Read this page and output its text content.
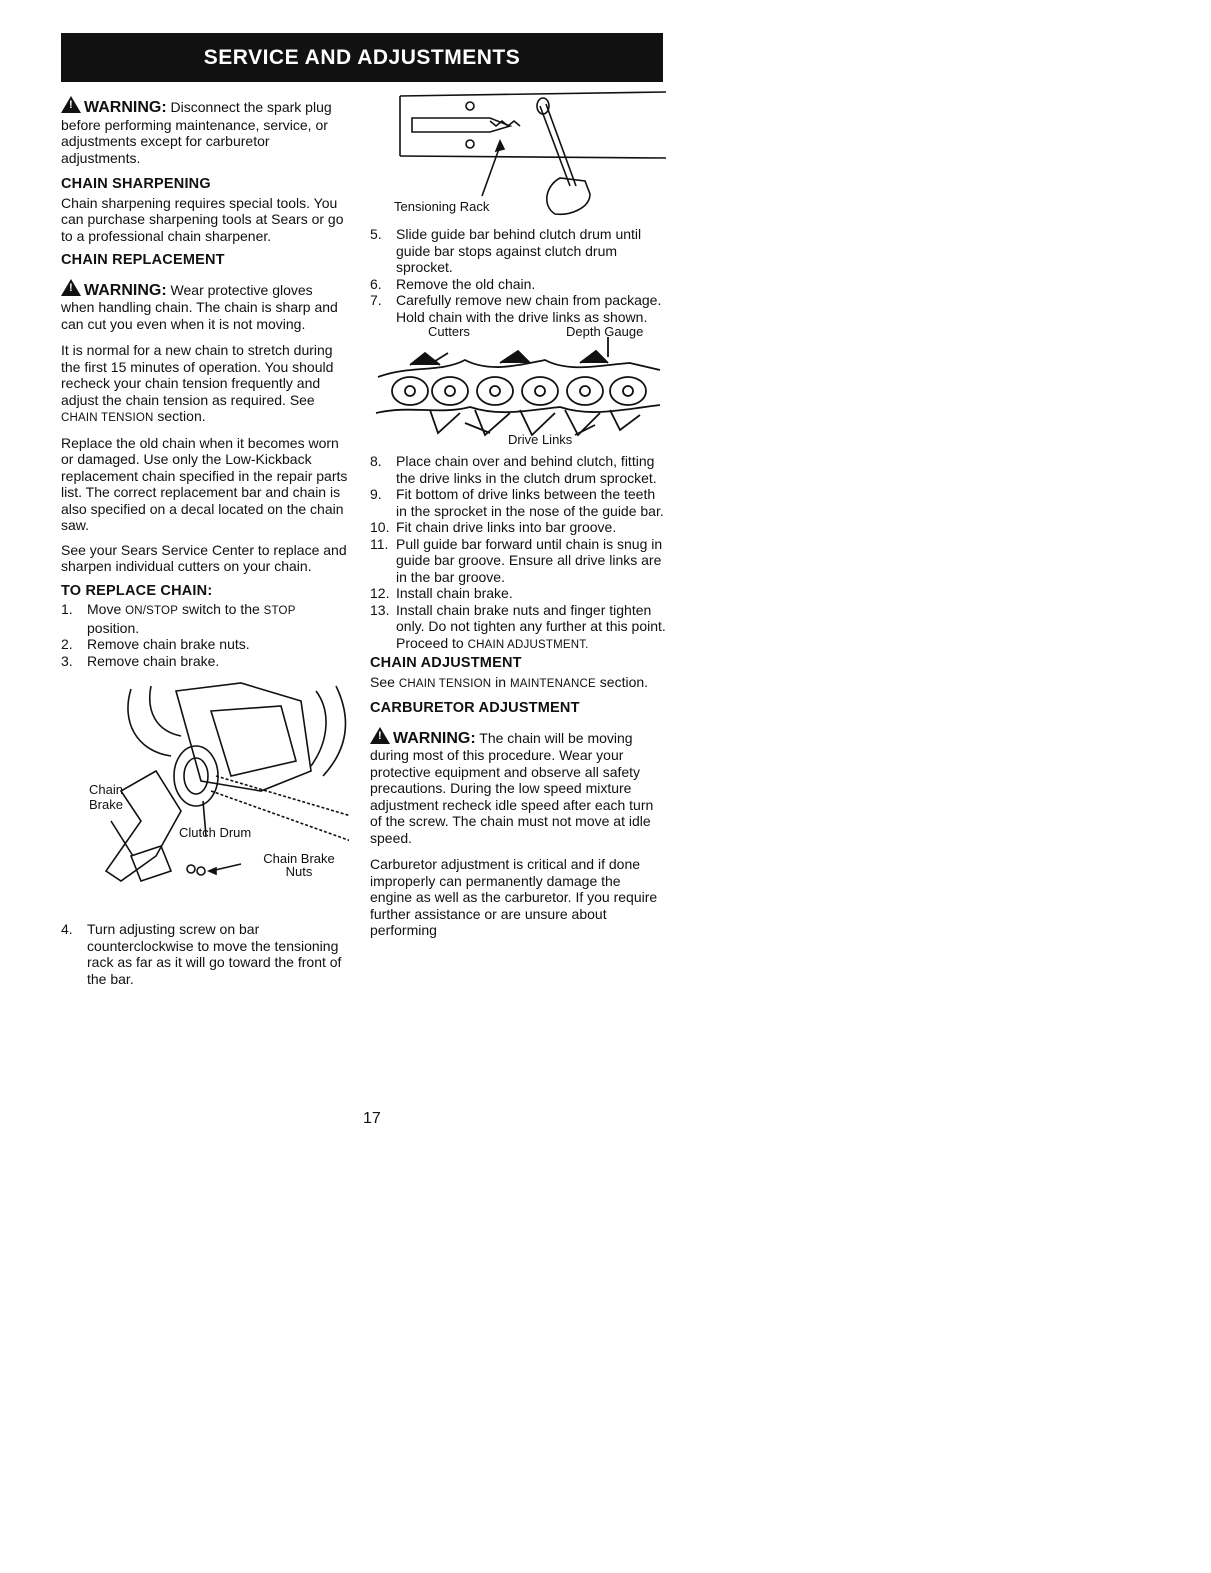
SERVICE AND ADJUSTMENTS

!WARNING: Disconnect the spark plug before performing maintenance, service, or adjustments except for carburetor adjustments.

CHAIN SHARPENING

Chain sharpening requires special tools. You can purchase sharpening tools at Sears or go to a professional chain sharpener.

CHAIN REPLACEMENT

!WARNING: Wear protective gloves when handling chain. The chain is sharp and can cut you even when it is not moving.

It is normal for a new chain to stretch during the first 15 minutes of operation. You should recheck your chain tension frequently and adjust the chain tension as required. See CHAIN TENSION section.

Replace the old chain when it becomes worn or damaged. Use only the Low-Kickback replacement chain specified in the repair parts list. The correct replacement bar and chain is also specified on a decal located on the chain saw.

See your Sears Service Center to replace and sharpen individual cutters on your chain.

TO REPLACE CHAIN:
1.	Move ON/STOP switch to the STOP position.
2.	Remove chain brake nuts.
3.	Remove chain brake.
Chain Brake
Clutch Drum
Chain Brake Nuts
4.	Turn adjusting screw on bar counterclockwise to move the tensioning rack as far as it will go toward the front of the bar.
Tensioning Rack
5.	Slide guide bar behind clutch drum until guide bar stops against clutch drum sprocket.
6.	Remove the old chain.
7.	Carefully remove new chain from package. Hold chain with the drive links as shown.
Cutters	Depth Gauge
Drive Links
8.	Place chain over and behind clutch, fitting the drive links in the clutch drum sprocket.
9.	Fit bottom of drive links between the teeth in the sprocket in the nose of the guide bar.
10. Fit chain drive links into bar groove.
11. Pull guide bar forward until chain is snug in guide bar groove. Ensure all drive links are in the bar groove.
12. Install chain brake.
13. Install chain brake nuts and finger tighten only. Do not tighten any further at this point. Proceed to CHAIN ADJUSTMENT.
CHAIN ADJUSTMENT

See CHAIN TENSION in MAINTENANCE section.

CARBURETOR ADJUSTMENT

!WARNING: The chain will be moving during most of this procedure. Wear your protective equipment and observe all safety precautions. During the low speed mixture adjustment recheck idle speed after each turn of the screw. The chain must not move at idle speed.

Carburetor adjustment is critical and if done improperly can permanently damage the engine as well as the carburetor. If you require further assistance or are unsure about performing

17
